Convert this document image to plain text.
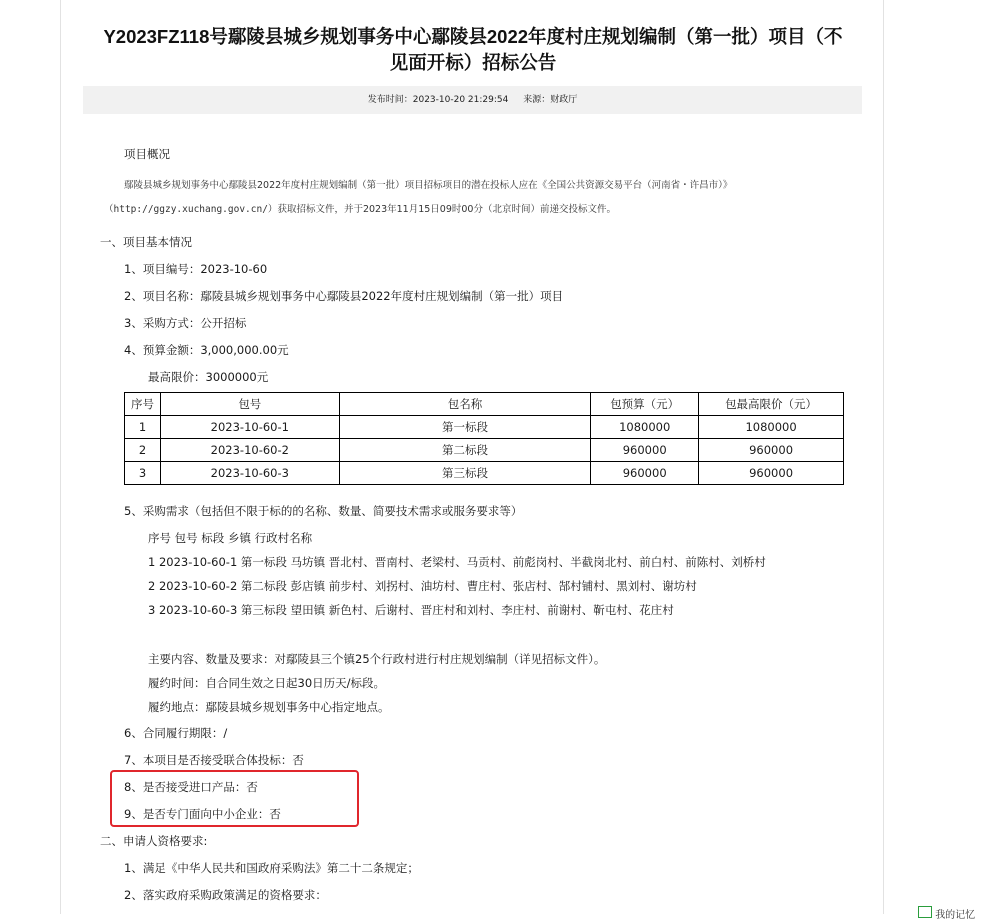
Y2023FZ118号鄢陵县城乡规划事务中心鄢陵县2022年度村庄规划编制（第一批）项目（不
见面开标）招标公告
发布时间：2023-10-20 21:29:54 来源：财政厅
项目概况
鄢陵县城乡规划事务中心鄢陵县2022年度村庄规划编制（第一批）项目招标项目的潜在投标人应在《全国公共资源交易平台（河南省・许昌市）》
（http://ggzy.xuchang.gov.cn/）获取招标文件，并于2023年11月15日09时00分（北京时间）前递交投标文件。
一、项目基本情况
1、项目编号：2023-10-60
2、项目名称：鄢陵县城乡规划事务中心鄢陵县2022年度村庄规划编制（第一批）项目
3、采购方式：公开招标
4、预算金额：3,000,000.00元
最高限价：3000000元
序号	包号	包名称	包预算（元）	包最高限价（元）
1	2023-10-60-1	第一标段	1080000	1080000
2	2023-10-60-2	第二标段	960000	960000
3	2023-10-60-3	第三标段	960000	960000
5、采购需求（包括但不限于标的的名称、数量、简要技术需求或服务要求等）
序号 包号 标段 乡镇 行政村名称
1 2023-10-60-1 第一标段 马坊镇 晋北村、晋南村、老梁村、马贡村、前彪岗村、半截岗北村、前白村、前陈村、刘桥村
2 2023-10-60-2 第二标段 彭店镇 前步村、刘拐村、油坊村、曹庄村、张店村、郜村铺村、黑刘村、谢坊村
3 2023-10-60-3 第三标段 望田镇 新色村、后谢村、晋庄村和刘村、李庄村、前谢村、靳屯村、花庄村
主要内容、数量及要求：对鄢陵县三个镇25个行政村进行村庄规划编制（详见招标文件）。
履约时间：自合同生效之日起30日历天/标段。
履约地点：鄢陵县城乡规划事务中心指定地点。
6、合同履行期限：/
7、本项目是否接受联合体投标：否
8、是否接受进口产品：否
9、是否专门面向中小企业：否
二、申请人资格要求:
1、满足《中华人民共和国政府采购法》第二十二条规定；
2、落实政府采购政策满足的资格要求：
我的记忆
